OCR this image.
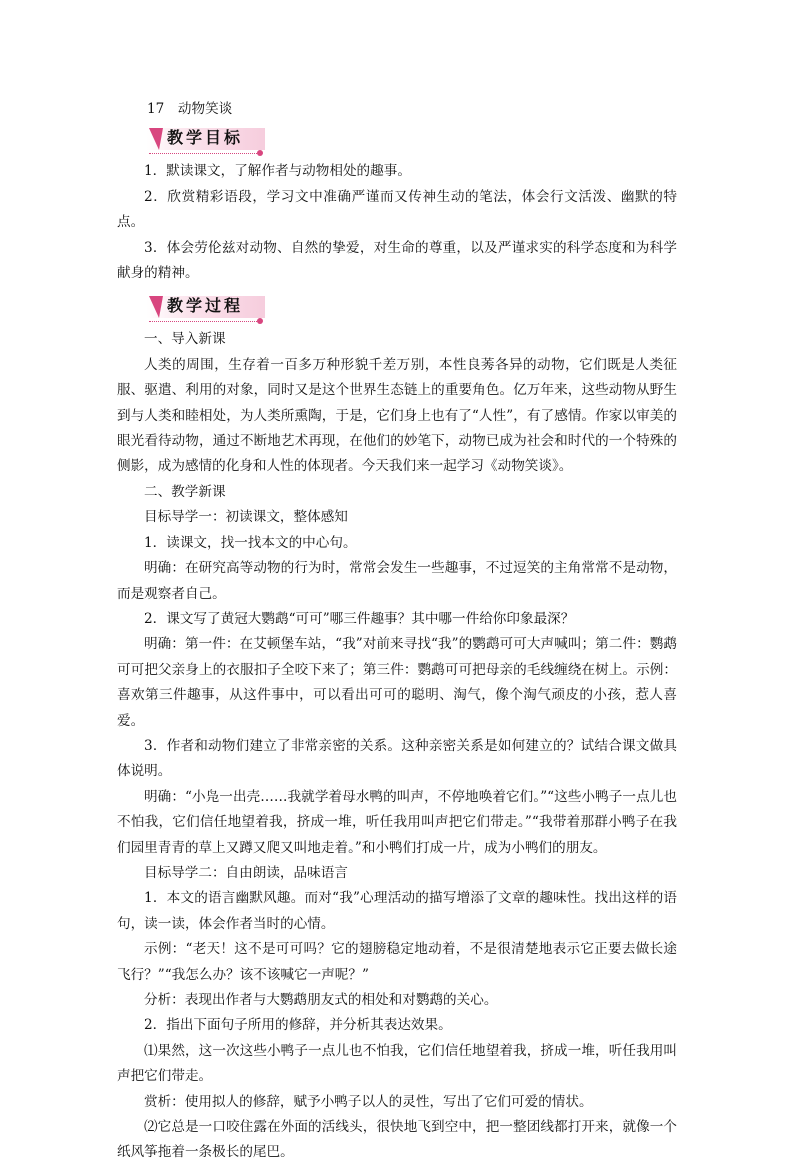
17　动物笑谈

教学目标

1．默读课文，了解作者与动物相处的趣事。

2．欣赏精彩语段，学习文中准确严谨而又传神生动的笔法，体会行文活泼、幽默的特点。

3．体会劳伦兹对动物、自然的挚爱，对生命的尊重，以及严谨求实的科学态度和为科学献身的精神。

教学过程

一、导入新课

人类的周围，生存着一百多万种形貌千差万别，本性良莠各异的动物，它们既是人类征服、驱遣、利用的对象，同时又是这个世界生态链上的重要角色。亿万年来，这些动物从野生到与人类和睦相处，为人类所熏陶，于是，它们身上也有了“人性”，有了感情。作家以审美的眼光看待动物，通过不断地艺术再现，在他们的妙笔下，动物已成为社会和时代的一个特殊的侧影，成为感情的化身和人性的体现者。今天我们来一起学习《动物笑谈》。

二、教学新课

目标导学一：初读课文，整体感知

1．读课文，找一找本文的中心句。

明确：在研究高等动物的行为时，常常会发生一些趣事，不过逗笑的主角常常不是动物，而是观察者自己。

2．课文写了黄冠大鹦鹉“可可”哪三件趣事？其中哪一件给你印象最深？

明确：第一件：在艾顿堡车站，“我”对前来寻找“我”的鹦鹉可可大声喊叫；第二件：鹦鹉可可把父亲身上的衣服扣子全咬下来了；第三件：鹦鹉可可把母亲的毛线缠绕在树上。示例：喜欢第三件趣事，从这件事中，可以看出可可的聪明、淘气，像个淘气顽皮的小孩，惹人喜爱。

3．作者和动物们建立了非常亲密的关系。这种亲密关系是如何建立的？试结合课文做具体说明。

明确：“小凫一出壳……我就学着母水鸭的叫声，不停地唤着它们。”“这些小鸭子一点儿也不怕我，它们信任地望着我，挤成一堆，听任我用叫声把它们带走。”“我带着那群小鸭子在我们园里青青的草上又蹲又爬又叫地走着。”和小鸭们打成一片，成为小鸭们的朋友。

目标导学二：自由朗读，品味语言

1．本文的语言幽默风趣。而对“我”心理活动的描写增添了文章的趣味性。找出这样的语句，读一读，体会作者当时的心情。

示例：“老天！这不是可可吗？它的翅膀稳定地动着，不是很清楚地表示它正要去做长途飞行？”“我怎么办？该不该喊它一声呢？”

分析：表现出作者与大鹦鹉朋友式的相处和对鹦鹉的关心。

2．指出下面句子所用的修辞，并分析其表达效果。

⑴果然，这一次这些小鸭子一点儿也不怕我，它们信任地望着我，挤成一堆，听任我用叫声把它们带走。

赏析：使用拟人的修辞，赋予小鸭子以人的灵性，写出了它们可爱的情状。

⑵它总是一口咬住露在外面的活线头，很快地飞到空中，把一整团线都打开来，就像一个纸风筝拖着一条极长的尾巴。
